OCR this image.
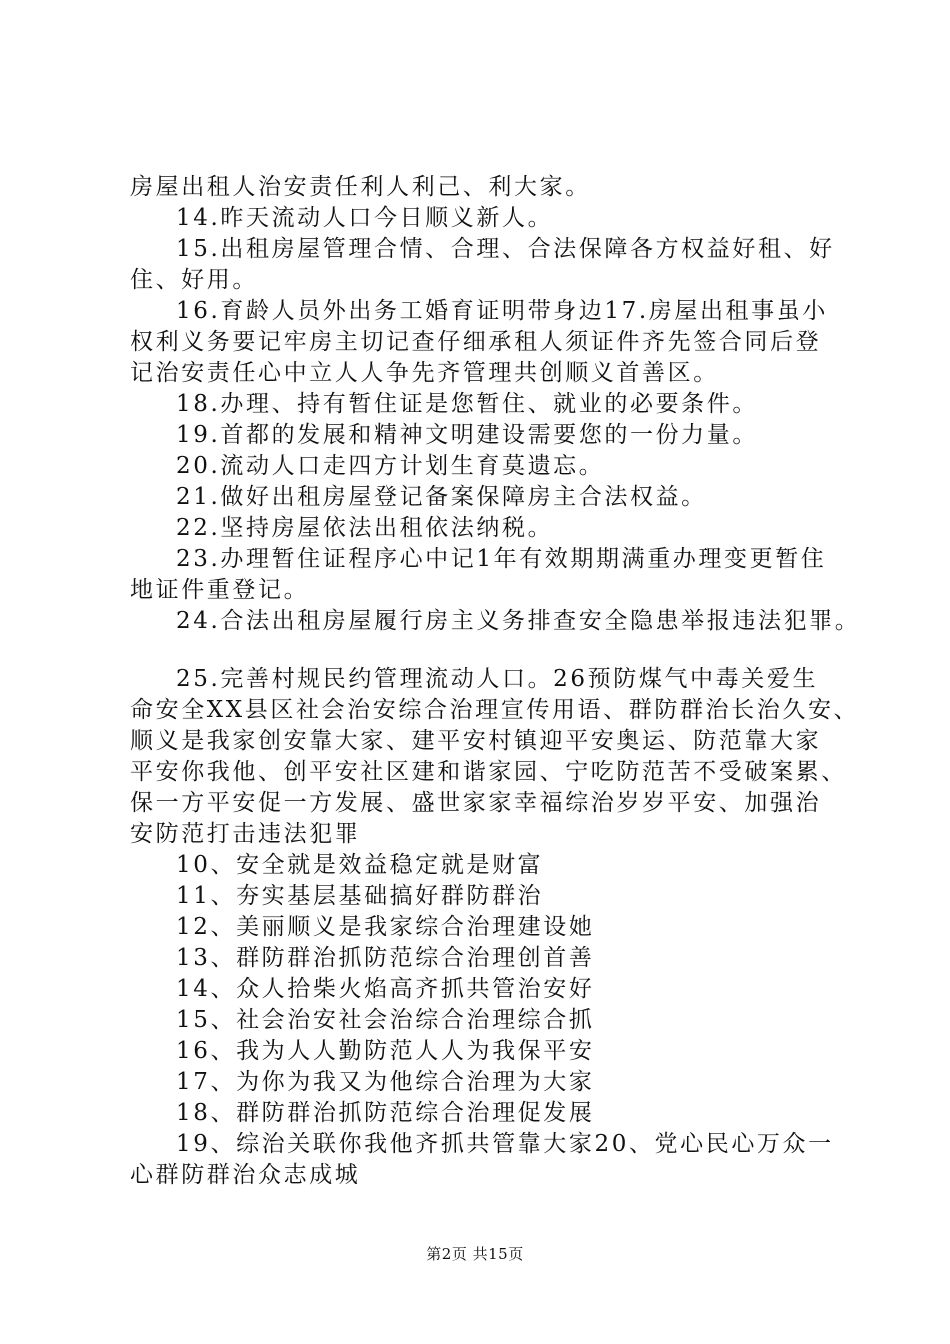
房屋出租人治安责任利人利己、利大家。
14.昨天流动人口今日顺义新人。
15.出租房屋管理合情、合理、合法保障各方权益好租、好
住、好用。
16.育龄人员外出务工婚育证明带身边17.房屋出租事虽小
权利义务要记牢房主切记查仔细承租人须证件齐先签合同后登
记治安责任心中立人人争先齐管理共创顺义首善区。
18.办理、持有暂住证是您暂住、就业的必要条件。
19.首都的发展和精神文明建设需要您的一份力量。
20.流动人口走四方计划生育莫遗忘。
21.做好出租房屋登记备案保障房主合法权益。
22.坚持房屋依法出租依法纳税。
23.办理暂住证程序心中记1年有效期期满重办理变更暂住
地证件重登记。
24.合法出租房屋履行房主义务排查安全隐患举报违法犯罪。
25.完善村规民约管理流动人口。26预防煤气中毒关爱生
命安全XX县区社会治安综合治理宣传用语、群防群治长治久安、
顺义是我家创安靠大家、建平安村镇迎平安奥运、防范靠大家
平安你我他、创平安社区建和谐家园、宁吃防范苦不受破案累、
保一方平安促一方发展、盛世家家幸福综治岁岁平安、加强治
安防范打击违法犯罪
10、安全就是效益稳定就是财富
11、夯实基层基础搞好群防群治
12、美丽顺义是我家综合治理建设她
13、群防群治抓防范综合治理创首善
14、众人拾柴火焰高齐抓共管治安好
15、社会治安社会治综合治理综合抓
16、我为人人勤防范人人为我保平安
17、为你为我又为他综合治理为大家
18、群防群治抓防范综合治理促发展
19、综治关联你我他齐抓共管靠大家20、党心民心万众一
心群防群治众志成城
第2页 共15页
